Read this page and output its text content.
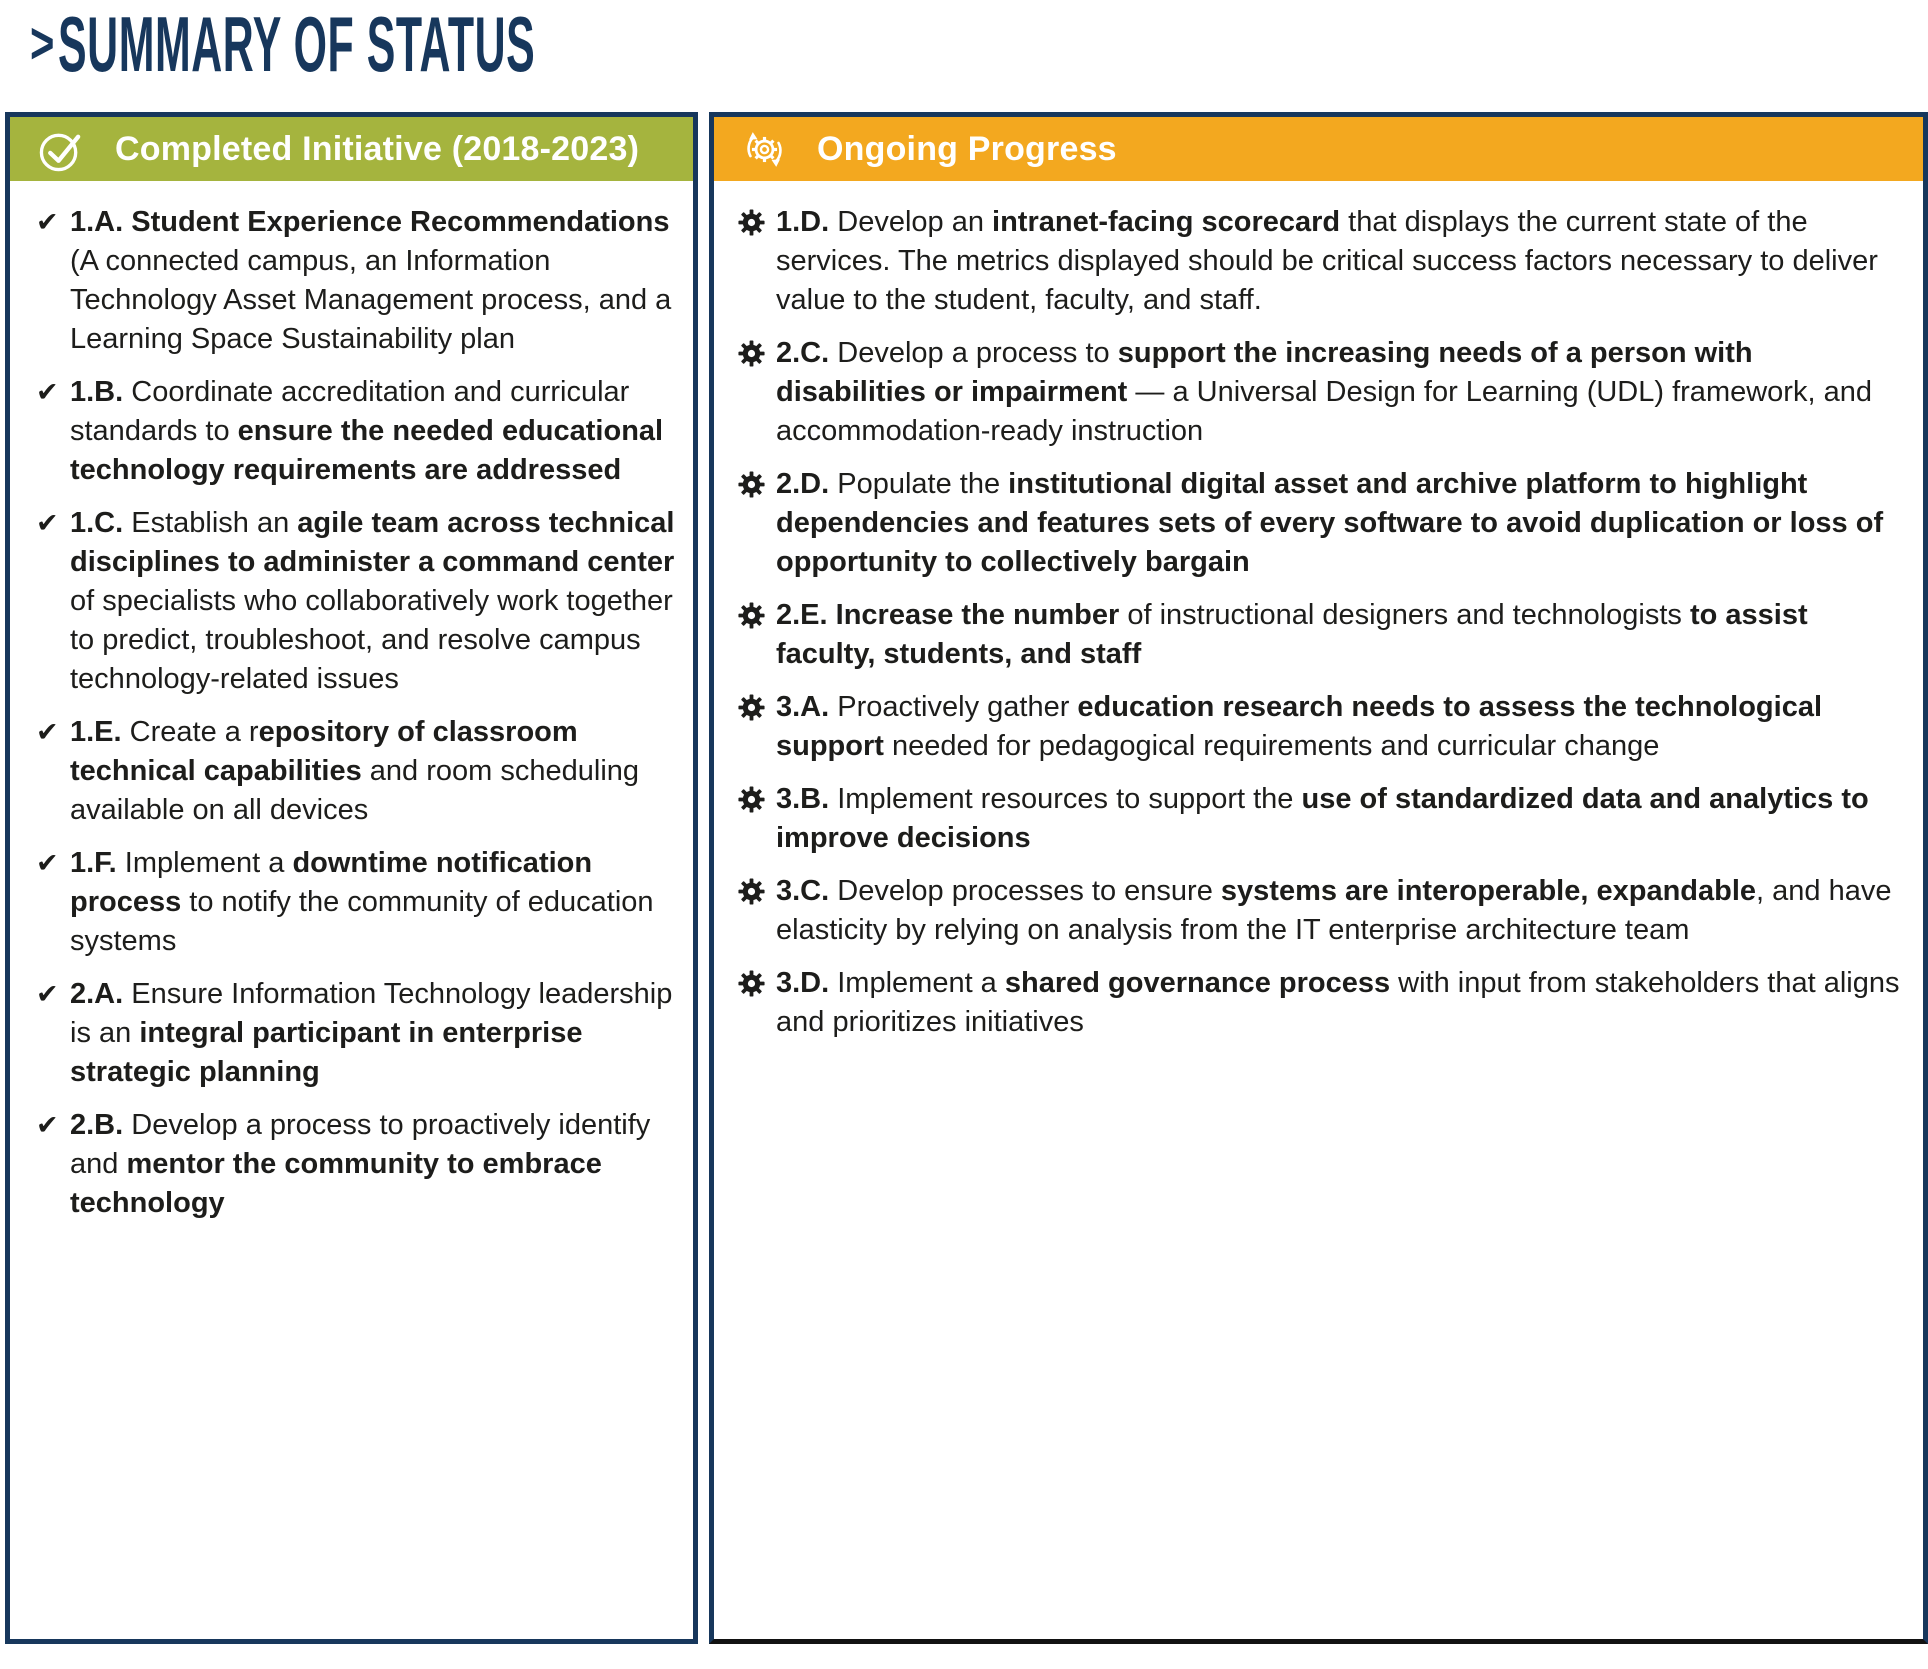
> SUMMARY OF STATUS
Completed Initiative (2018-2023)
✔ 1.A. Student Experience Recommendations (A connected campus, an Information Technology Asset Management process, and a Learning Space Sustainability plan
✔ 1.B. Coordinate accreditation and curricular standards to ensure the needed educational technology requirements are addressed
✔ 1.C. Establish an agile team across technical disciplines to administer a command center of specialists who collaboratively work together to predict, troubleshoot, and resolve campus technology-related issues
✔ 1.E. Create a repository of classroom technical capabilities and room scheduling available on all devices
✔ 1.F. Implement a downtime notification process to notify the community of education systems
✔ 2.A. Ensure Information Technology leadership is an integral participant in enterprise strategic planning
✔ 2.B. Develop a process to proactively identify and mentor the community to embrace technology
Ongoing Progress
1.D. Develop an intranet-facing scorecard that displays the current state of the services. The metrics displayed should be critical success factors necessary to deliver value to the student, faculty, and staff.
2.C. Develop a process to support the increasing needs of a person with disabilities or impairment — a Universal Design for Learning (UDL) framework, and accommodation-ready instruction
2.D. Populate the institutional digital asset and archive platform to highlight dependencies and features sets of every software to avoid duplication or loss of opportunity to collectively bargain
2.E. Increase the number of instructional designers and technologists to assist faculty, students, and staff
3.A. Proactively gather education research needs to assess the technological support needed for pedagogical requirements and curricular change
3.B. Implement resources to support the use of standardized data and analytics to improve decisions
3.C. Develop processes to ensure systems are interoperable, expandable, and have elasticity by relying on analysis from the IT enterprise architecture team
3.D. Implement a shared governance process with input from stakeholders that aligns and prioritizes initiatives
